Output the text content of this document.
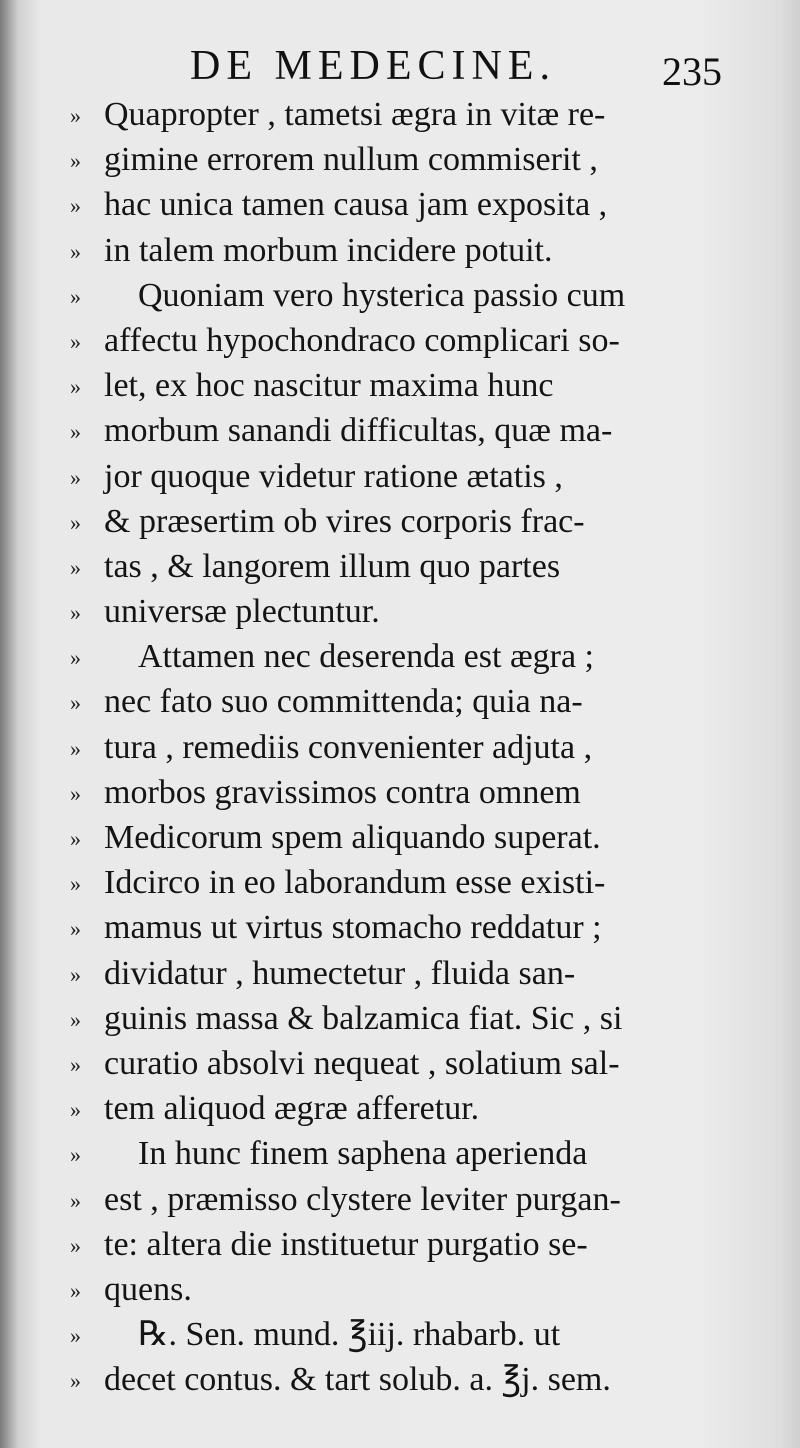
DE MEDECINE.	235
» Quapropter , tametsi ægra in vitæ re-
» gimine errorem nullum commiserit ,
» hac unica tamen causa jam exposita ,
» in talem morbum incidere potuit.
» Quoniam vero hysterica passio cum
» affectu hypochondraco complicari so-
» let, ex hoc nascitur maxima hunc
» morbum sanandi difficultas, quæ ma-
» jor quoque videtur ratione ætatis ,
» & præsertim ob vires corporis frac-
» tas , & langorem illum quo partes
» universæ plectuntur.
» Attamen nec deserenda est ægra ;
» nec fato suo committenda; quia na-
» tura , remediis convenienter adjuta ,
» morbos gravissimos contra omnem
» Medicorum spem aliquando superat.
» Idcirco in eo laborandum esse existi-
» mamus ut virtus stomacho reddatur ;
» dividatur , humectetur , fluida san-
» guinis massa & balzamica fiat. Sic , si
» curatio absolvi nequeat , solatium sal-
» tem aliquod ægræ afferetur.
» In hunc finem saphena aperienda
» est , præmisso clystere leviter purgan-
» te: altera die instituetur purgatio se-
» quens.
» ℞. Sen. mund. ℥iij. rhabarb. ut
» decet contus. & tart solub. a. ℥j. sem.
